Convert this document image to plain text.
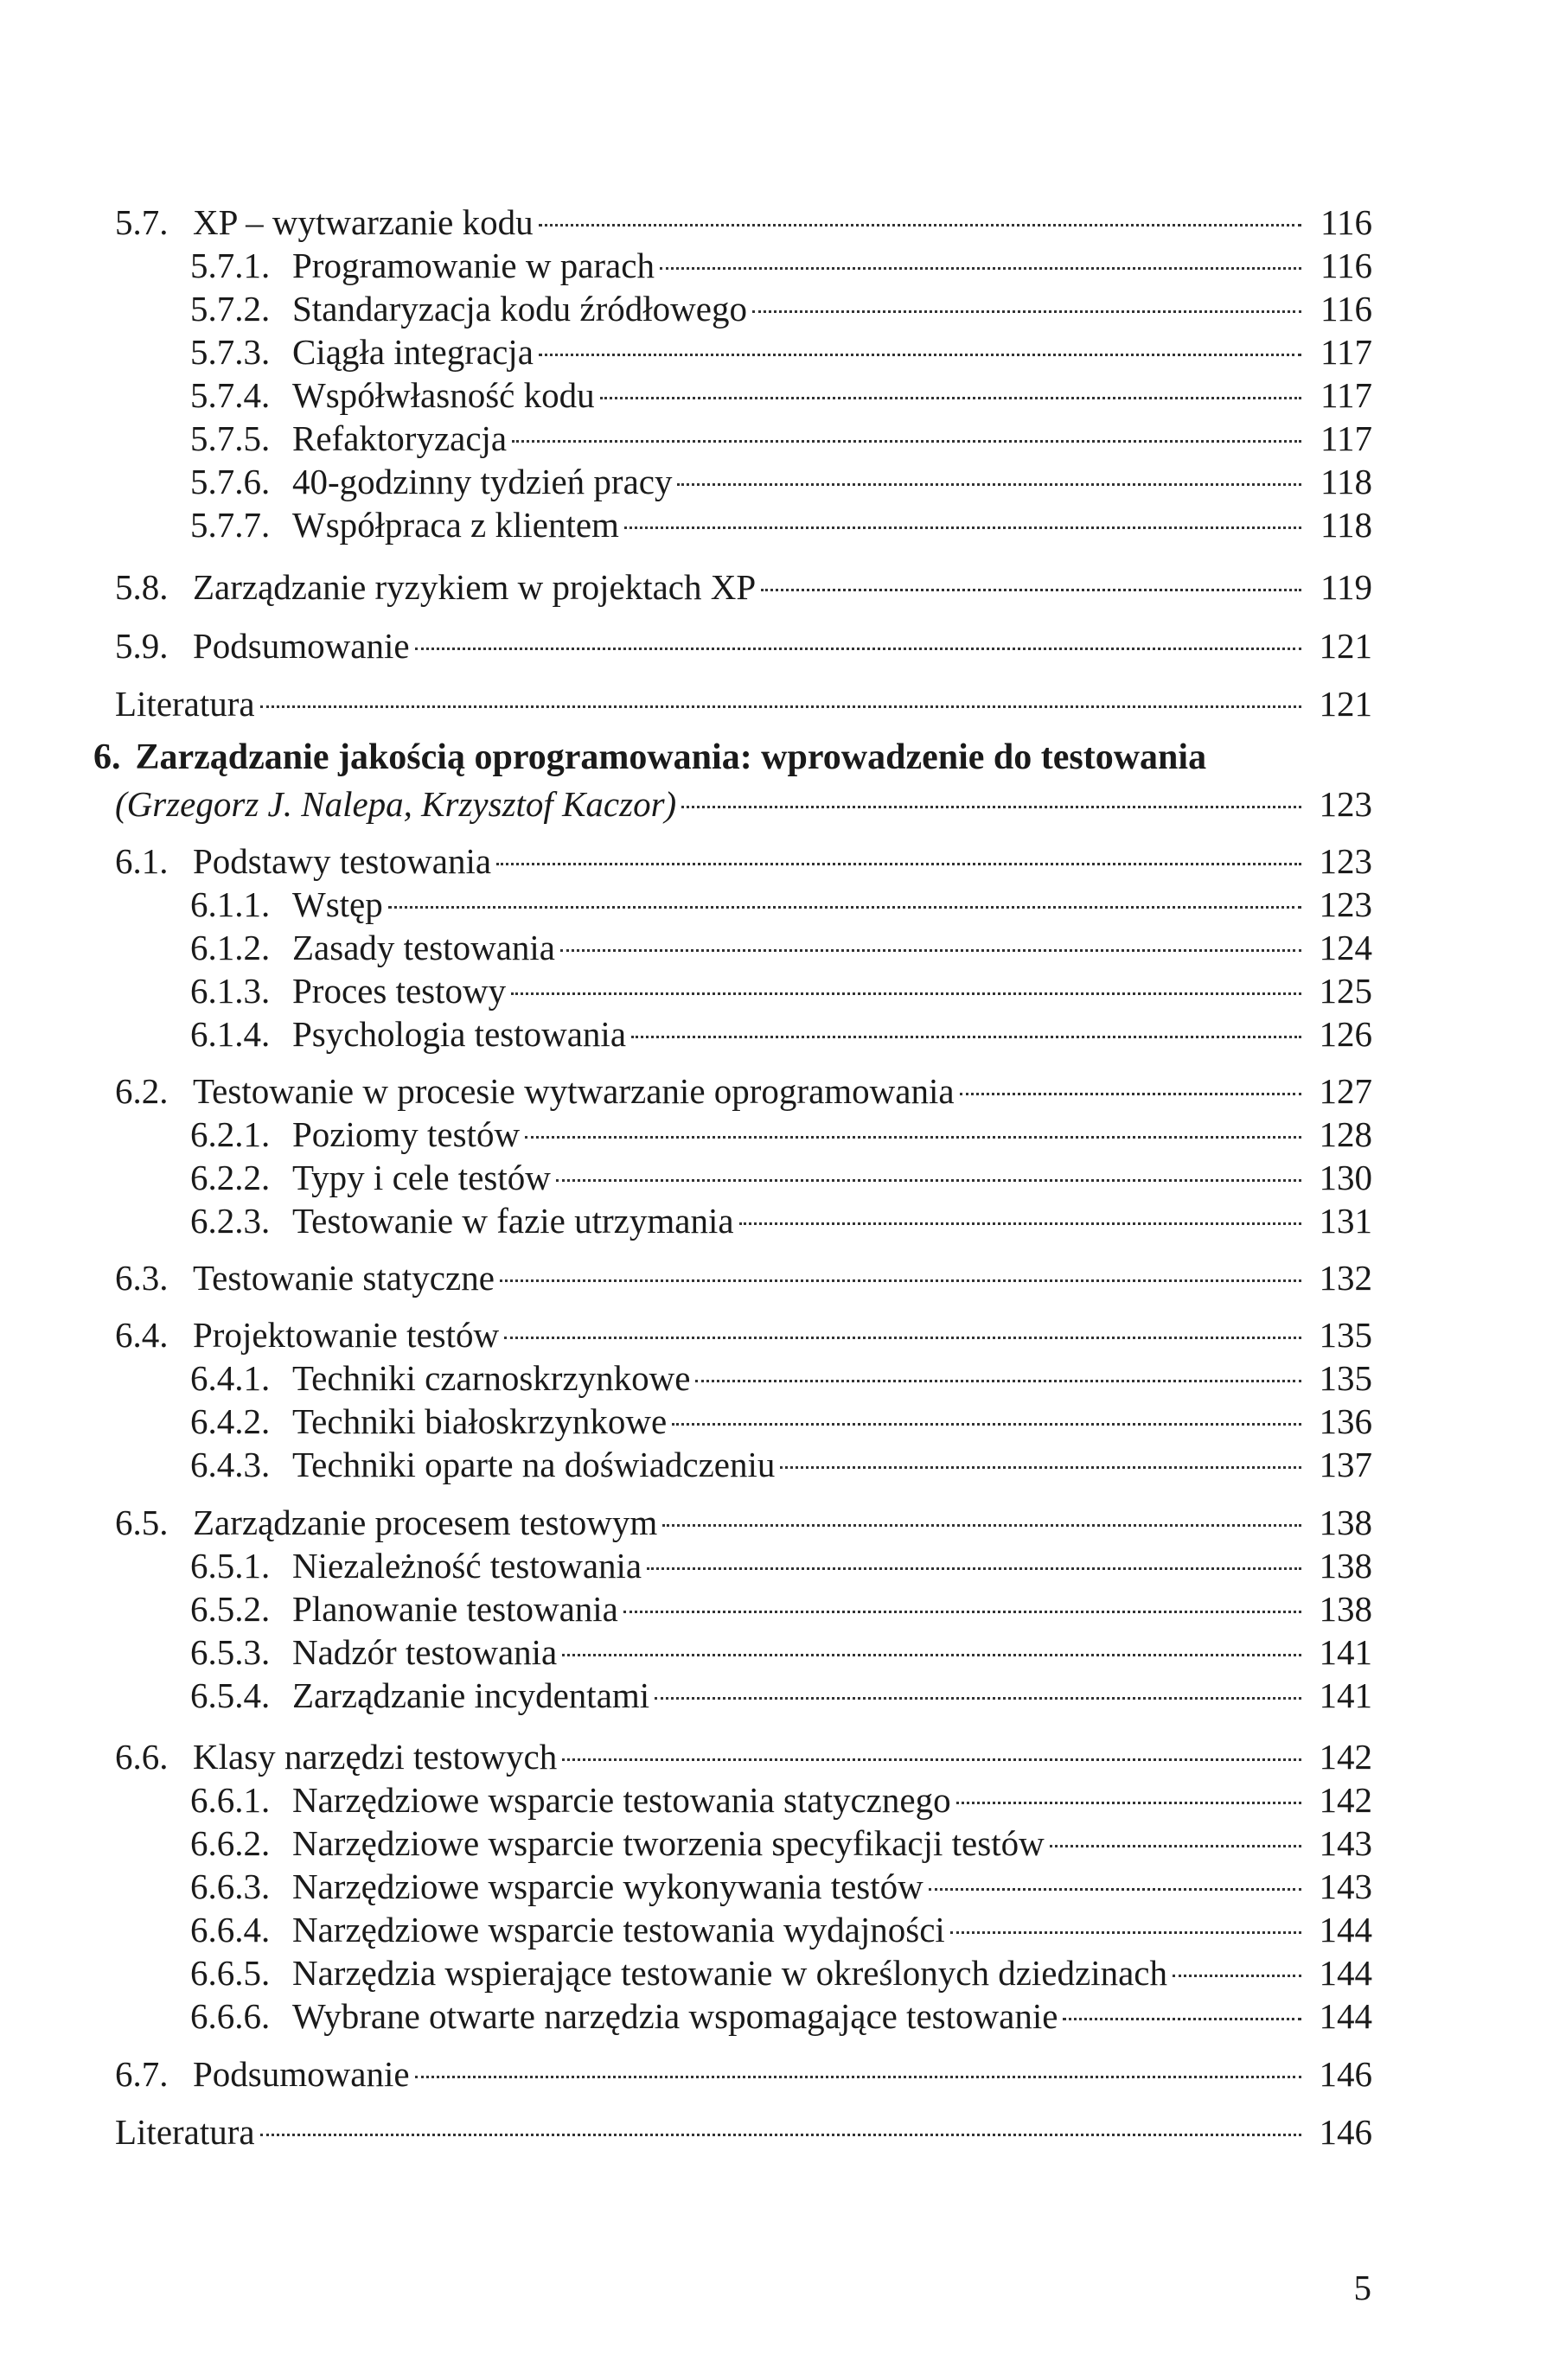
5.7. XP – wytwarzanie kodu	116
5.7.1. Programowanie w parach	116
5.7.2. Standaryzacja kodu źródłowego	116
5.7.3. Ciągła integracja	117
5.7.4. Współwłasność kodu	117
5.7.5. Refaktoryzacja	117
5.7.6. 40-godzinny tydzień pracy	118
5.7.7. Współpraca z klientem	118
5.8. Zarządzanie ryzykiem w projektach XP	119
5.9. Podsumowanie	121
Literatura	121
6. Zarządzanie jakością oprogramowania: wprowadzenie do testowania
(Grzegorz J. Nalepa, Krzysztof Kaczor)	123
6.1. Podstawy testowania	123
6.1.1. Wstęp	123
6.1.2. Zasady testowania	124
6.1.3. Proces testowy	125
6.1.4. Psychologia testowania	126
6.2. Testowanie w procesie wytwarzanie oprogramowania	127
6.2.1. Poziomy testów	128
6.2.2. Typy i cele testów	130
6.2.3. Testowanie w fazie utrzymania	131
6.3. Testowanie statyczne	132
6.4. Projektowanie testów	135
6.4.1. Techniki czarnoskrzynkowe	135
6.4.2. Techniki białoskrzynkowe	136
6.4.3. Techniki oparte na doświadczeniu	137
6.5. Zarządzanie procesem testowym	138
6.5.1. Niezależność testowania	138
6.5.2. Planowanie testowania	138
6.5.3. Nadzór testowania	141
6.5.4. Zarządzanie incydentami	141
6.6. Klasy narzędzi testowych	142
6.6.1. Narzędziowe wsparcie testowania statycznego	142
6.6.2. Narzędziowe wsparcie tworzenia specyfikacji testów	143
6.6.3. Narzędziowe wsparcie wykonywania testów	143
6.6.4. Narzędziowe wsparcie testowania wydajności	144
6.6.5. Narzędzia wspierające testowanie w określonych dziedzinach	144
6.6.6. Wybrane otwarte narzędzia wspomagające testowanie	144
6.7. Podsumowanie	146
Literatura	146
5
